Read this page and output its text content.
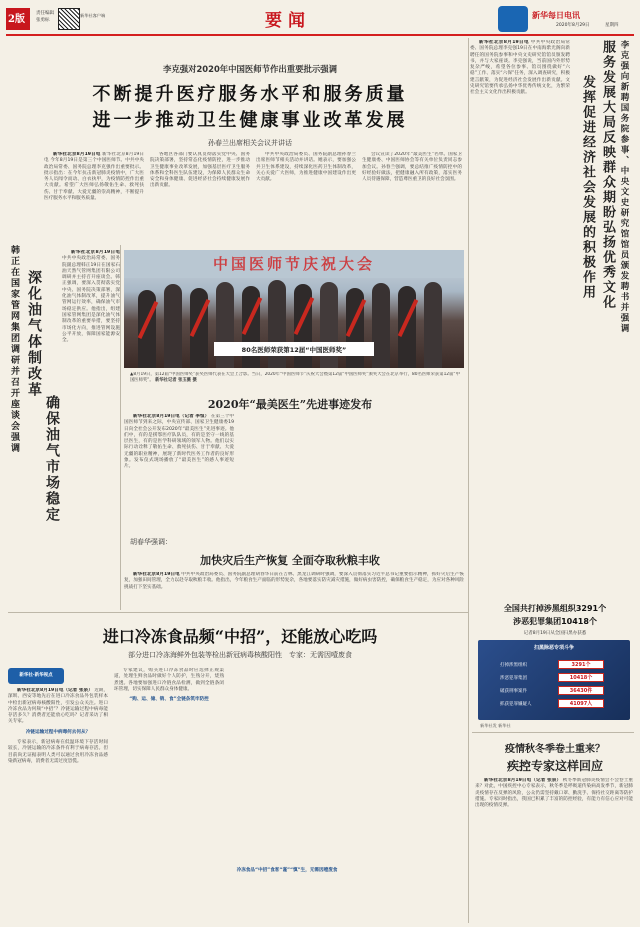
2版
责任编辑
张勇标
新华社客户端	要闻	新华每日电讯
2020年8月29日	星期四
李克强对2020年中国医师节作出重要批示强调
不断提升医疗服务水平和服务质量
进一步推动卫生健康事业改革发展
孙春兰出席相关会议并讲话

新华社北京8月19日电 新华社北京8月19日电 今年8月19日是第三个中国医师节。中共中央政治局常委、国务院总理李克强作出重要批示。批示指出：在今年抗击新冠肺炎疫情中，广大医务人员闻令而动、白衣执甲，为疫情防控作出重大贡献。希望广大医师弘扬敬佑生命、救死扶伤、甘于奉献、大爱无疆的崇高精神，不断提升医疗服务水平和服务质量。

各地区各部门要认真贯彻落实党中央、国务院决策部署，坚持常态化疫情防控，进一步推动卫生健康事业改革发展，加强基层医疗卫生服务体系和全科医生队伍建设，为保障人民群众生命安全和身体健康、促进经济社会持续健康发展作出新贡献。

中共中央政治局委员、国务院副总理孙春兰出席医师节相关活动并讲话。她表示，要加强公共卫生体系建设，持续深化医药卫生体制改革，关心关爱广大医师，为推进健康中国建设作出更大贡献。

会议宣读了2020年“最美医生”名单。国家卫生健康委、中国医师协会等有关单位负责同志参加会议。孙春兰强调，要总结推广疫情防控中的好经验好做法，把健康融入所有政策，落实医务人员待遇保障，营造尊医重卫的良好社会氛围。

韩正在国家管网集团调研并召开座谈会强调 深化油气体制改革
确保油气市场稳定

新华社北京8月19日电 中共中央政治局常委、国务院副总理韩正19日在国家石油天然气管网集团有限公司调研并主持召开座谈会。韩正强调，要深入贯彻落实党中央、国务院决策部署，深化油气体制改革，提升油气管网运行效率，确保油气市场稳定供应。他指出，组建国家管网集团是深化油气体制改革的重要举措，要坚持市场化方向，推进管网设施公平开放，保障国家能源安全。

中国医师节庆祝大会
80名医师荣获第12届“中国医师奖”
▲8月19日，第12届“中国医师奖”获奖医师代表在大会上合影。当日，2020年“中国医师节”庆祝大会暨第12届“中国医师奖”颁奖大会在北京举行，80名医师荣获第12届“中国医师奖”。 新华社记者 张玉薇 摄
李克强向新聘国务院参事、中央文史研究馆馆员颁发聘书并强调
服务发展大局反映群众期盼弘扬优秀文化
发挥促进经济社会发展的积极作用

新华社北京8月19日电 中共中央政治局常委、国务院总理李克强19日在中南海紫光阁向新聘任的国务院参事和中央文史研究馆馆员颁发聘书，并与大家座谈。李克强说，当前国内外形势复杂严峻，希望各位参事、馆员围绕做好“六稳”工作、落实“六保”任务，深入调查研究，积极建言献策，为促进经济社会发展作出新贡献。文史研究馆要传承弘扬中华优秀传统文化，为繁荣社会主义文化作出积极贡献。

2020年“最美医生”先进事迹发布

新华社北京8月19日电（记者 李恒） 在第三个中国医师节到来之际，中央宣传部、国家卫生健康委19日向全社会公开发布2020年“最美医生”先进事迹。他们中，有的是援鄂医疗队队员，有的是坚守一线的基层医生，有的是医学科研领域的领军人物。他们以实际行动诠释了敬佑生命、救死扶伤、甘于奉献、大爱无疆的职业精神，展现了新时代医务工作者的良好形象。发布仪式现场播放了“最美医生”的感人事迹短片。

胡春华强调：
加快灾后生产恢复 全面夺取秋粮丰收

新华社北京8月19日电 中共中央政治局委员、国务院副总理胡春华日前在吉林、黑龙江调研时强调，要深入贯彻落实习近平总书记重要指示精神，抓好灾后生产恢复，加强田间管理，全力以赴夺取秋粮丰收。他指出，今年粮食生产面临的形势复杂，各地要落实防灾减灾措施，做好病虫害防控，确保粮食生产稳定，为应对各种风险挑战打下坚实基础。

进口冷冻食品频“中招”，还能放心吃吗
部分进口冷冻海鲜外包装等检出新冠病毒核酸阳性　专家：无需因噎废食
新华社·新华视点

新华社北京8月19日电（记者 张泉） 近期，深圳、西安等地先后在进口冷冻食品外包装样本中检出新冠病毒核酸阳性，引发公众关注。进口冷冻食品为何频“中招”？冷链运输过程中病毒能存活多久？消费者还能放心吃吗？记者采访了相关专家。

冷链运输过程中病毒何去何从？

专家表示，新冠病毒在低温环境下存活时间较长，冷链运输的冷冻条件有利于病毒存活。但目前尚无证据表明人类可以通过食用冷冻食品感染新冠病毒，消费者无需过度恐慌。

专家建议，购买进口冷冻食品时应选择正规渠道，处理生鲜食品时做好个人防护，生熟分开，烧熟煮透。各地要加强进口冷链食品检测，做到全链条闭环管理，切实保障人民群众身体健康。

“购、运、储、销、食”全链条筑牢防控
冷冻食品“中招”食客“谨”“慎”生，无需因噎废食
全国共打掉涉黑组织3291个
涉恶犯罪集团10418个
记者8月19日从全国扫黑办获悉
扫黑除恶专项斗争
打掉涉黑组织	3291个
涉恶犯罪集团	10418个
破获刑事案件	36430件
抓获犯罪嫌疑人	41097人
新华社发 新华社
疫情秋冬季卷土重来？
疾控专家这样回应

新华社北京8月19日电（记者 张泉） 秋冬季新冠肺炎疫情会不会卷土重来？对此，中国疾控中心专家表示，秋冬季是呼吸道传染病高发季节，新冠肺炎疫情存在反弹的风险，公众仍需坚持戴口罩、勤洗手、保持社交距离等防护措施。专家同时指出，我国已积累了丰富的防控经验，有能力有信心应对可能出现的疫情反弹。
